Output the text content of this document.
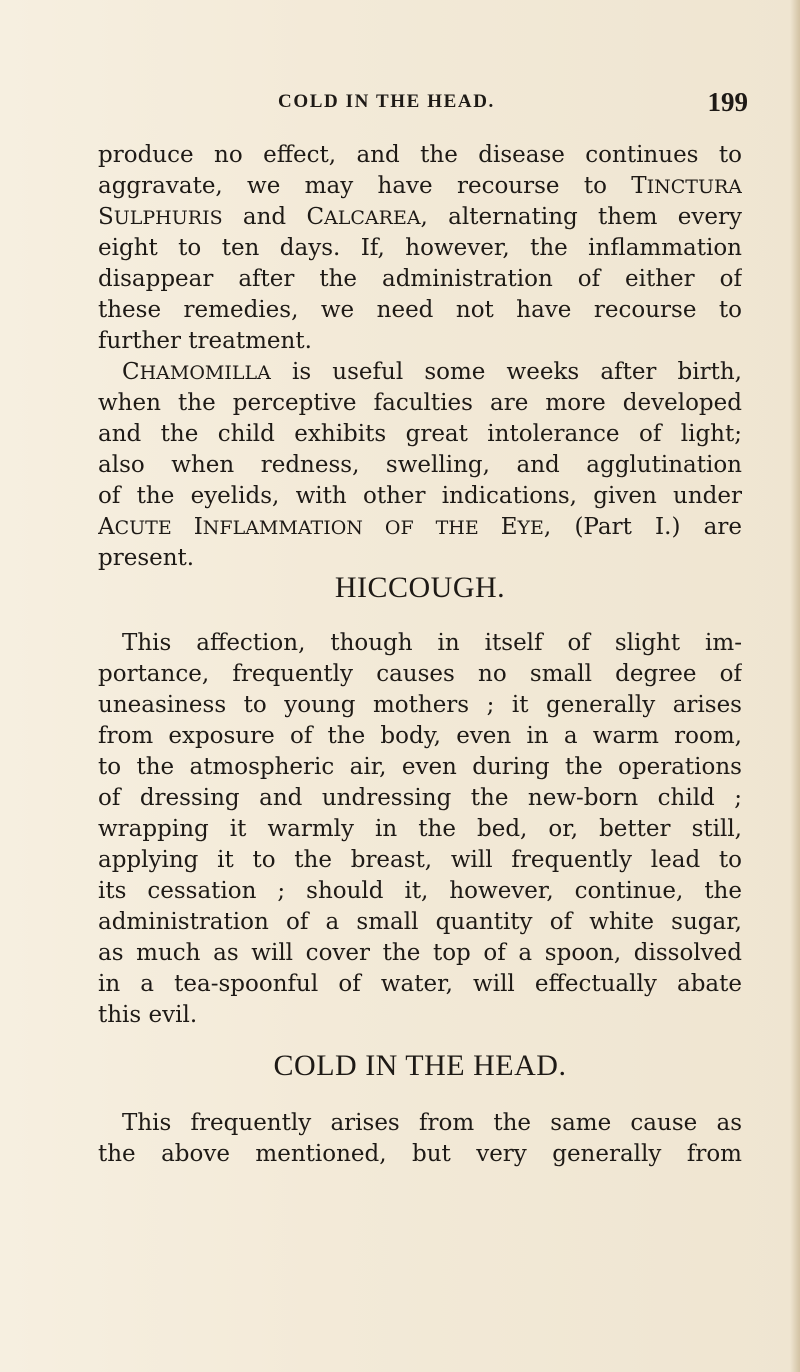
COLD IN THE HEAD.	199
produce no effect, and the disease continues to
aggravate, we may have recourse to TINCTURA
SULPHURIS and CALCAREA, alternating them every
eight to ten days. If, however, the inflammation
disappear after the administration of either of
these remedies, we need not have recourse to
further treatment.
CHAMOMILLA is useful some weeks after birth,
when the perceptive faculties are more developed
and the child exhibits great intolerance of light;
also when redness, swelling, and agglutination
of the eyelids, with other indications, given under
ACUTE INFLAMMATION OF THE EYE, (Part I.) are
present.
HICCOUGH.
This affection, though in itself of slight im-
portance, frequently causes no small degree of
uneasiness to young mothers ; it generally arises
from exposure of the body, even in a warm room,
to the atmospheric air, even during the operations
of dressing and undressing the new-born child ;
wrapping it warmly in the bed, or, better still,
applying it to the breast, will frequently lead to
its cessation ; should it, however, continue, the
administration of a small quantity of white sugar,
as much as will cover the top of a spoon, dissolved
in a tea-spoonful of water, will effectually abate
this evil.
COLD IN THE HEAD.
This frequently arises from the same cause as
the above mentioned, but very generally from
